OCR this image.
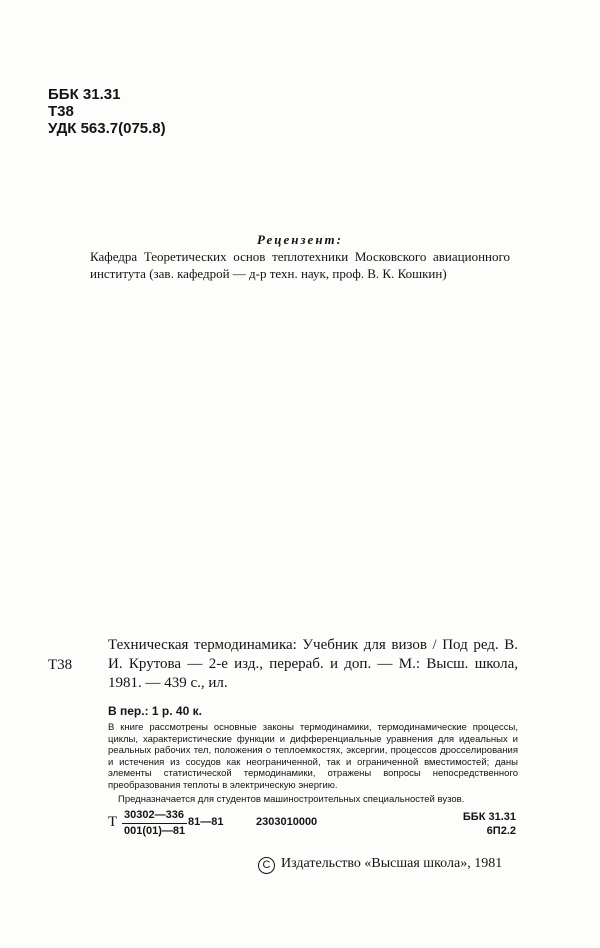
ББК 31.31
Т38
УДК 563.7(075.8)
Рецензент:
Кафедра Теоретических основ теплотехники Московского авиационного института (зав. кафедрой — д-р техн. наук, проф. В. К. Кошкин)
Т38
Техническая термодинамика: Учебник для визов / Под ред. В. И. Крутова — 2-е изд., перераб. и доп. — М.: Высш. школа, 1981. — 439 с., ил.
В пер.: 1 р. 40 к.
В книге рассмотрены основные законы термодинамики, термодинамические процессы, циклы, характеристические функции и дифференциальные уравнения для идеальных и реальных рабочих тел, положения о теплоемкостях, эксергии, процессов дросселирования и истечения из сосудов как неограниченной, так и ограниченной вместимостей; даны элементы статистической термодинамики, отражены вопросы непосредственного преобразования теплоты в электрическую энергию.
Предназначается для студентов машиностроительных специальностей вузов.
Т $\frac{30302—336}{001(01)—81}$ 81—81	2303010000	ББК 31.31
6П2.2
C Издательство «Высшая школа», 1981
